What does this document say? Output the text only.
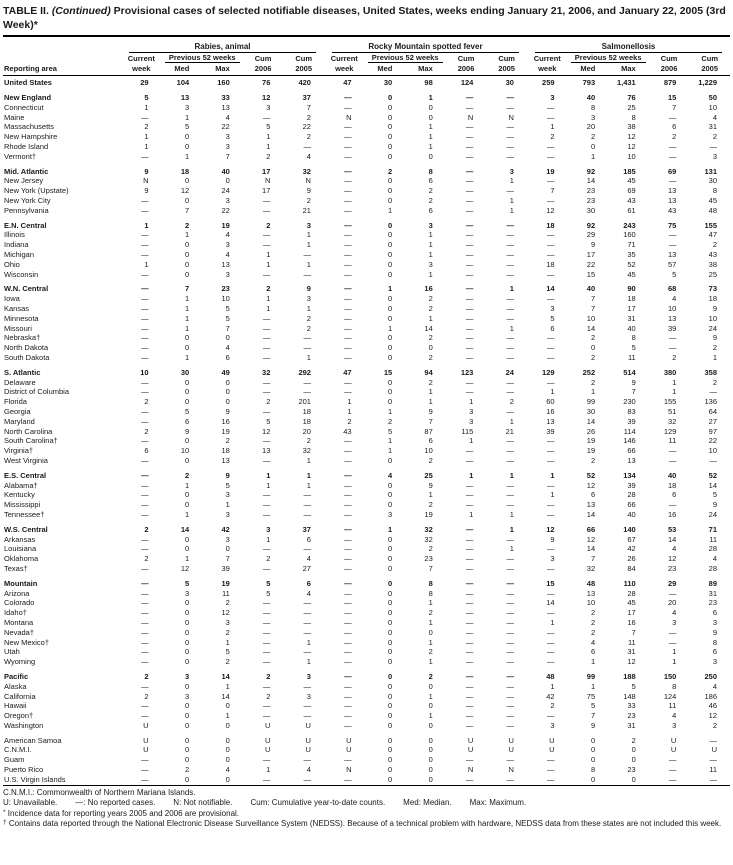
TABLE II. (Continued) Provisional cases of selected notifiable diseases, United States, weeks ending January 21, 2006, and January 22, 2005 (3rd Week)*

	Rabies, animal					Rocky Mountain spotted fever					Salmonellosis				

	Current	Previous 52 weeks		Cum	Cum	Current	Previous 52 weeks		Cum	Cum	Current	Previous 52 weeks		Cum	Cum
Reporting area	week	Med	Max	2006	2005	week	Med	Max	2006	2005	week	Med	Max	2006	2005
United States	29	104	160	76	420	47	30	98	124	30	259	793	1,431	879	1,229
New England	5	13	33	12	37	—	0	1	—	—	3	40	76	15	50
Connecticut	1	3	13	3	7	—	0	0	—	—	—	8	25	7	10
Maine	—	1	4	—	2	N	0	0	N	N	—	3	8	—	4
Massachusetts	2	5	22	5	22	—	0	1	—	—	1	20	38	6	31
New Hampshire	1	0	3	1	2	—	0	1	—	—	2	2	12	2	2
Rhode Island	1	0	3	1	—	—	0	1	—	—	—	0	12	—	—
Vermont†	—	1	7	2	4	—	0	0	—	—	—	1	10	—	3
Mid. Atlantic	9	18	40	17	32	—	2	8	—	3	19	92	185	69	131
New Jersey	N	0	0	N	N	—	0	6	—	1	—	14	45	—	30
New York (Upstate)	9	12	24	17	9	—	0	2	—	—	7	23	69	13	8
New York City	—	0	3	—	2	—	0	2	—	1	—	23	43	13	45
Pennsylvania	—	7	22	—	21	—	1	6	—	1	12	30	61	43	48
E.N. Central	1	2	19	2	3	—	0	3	—	—	18	92	243	75	155
Illinois	—	1	4	—	1	—	0	1	—	—	—	29	160	—	47
Indiana	—	0	3	—	1	—	0	1	—	—	—	9	71	—	2
Michigan	—	0	4	1	—	—	0	1	—	—	—	17	35	13	43
Ohio	1	0	13	1	1	—	0	3	—	—	18	22	52	57	38
Wisconsin	—	0	3	—	—	—	0	1	—	—	—	15	45	5	25
W.N. Central	—	7	23	2	9	—	1	16	—	1	14	40	90	68	73
Iowa	—	1	10	1	3	—	0	2	—	—	—	7	18	4	18
Kansas	—	1	5	1	1	—	0	2	—	—	3	7	17	10	9
Minnesota	—	1	5	—	2	—	0	1	—	—	5	10	31	13	10
Missouri	—	1	7	—	2	—	1	14	—	1	6	14	40	39	24
Nebraska†	—	0	0	—	—	—	0	2	—	—	—	2	8	—	9
North Dakota	—	0	4	—	—	—	0	0	—	—	—	0	5	—	2
South Dakota	—	1	6	—	1	—	0	2	—	—	—	2	11	2	1
S. Atlantic	10	30	49	32	292	47	15	94	123	24	129	252	514	380	358
Delaware	—	0	0	—	—	—	0	2	—	—	—	2	9	1	2
District of Columbia	—	0	0	—	—	—	0	1	—	—	1	1	7	1	—
Florida	2	0	0	2	201	1	0	1	1	2	60	99	230	155	136
Georgia	—	5	9	—	18	1	1	9	3	—	16	30	83	51	64
Maryland	—	6	16	5	18	2	2	7	3	1	13	14	39	32	27
North Carolina	2	9	19	12	20	43	5	87	115	21	39	26	114	129	97
South Carolina†	—	0	2	—	2	—	1	6	1	—	—	19	146	11	22
Virginia†	6	10	18	13	32	—	1	10	—	—	—	19	66	—	10
West Virginia	—	0	13	—	1	—	0	2	—	—	—	2	13	—	—
E.S. Central	—	2	9	1	1	—	4	25	1	1	1	52	134	40	52
Alabama†	—	1	5	1	1	—	0	9	—	—	—	12	39	18	14
Kentucky	—	0	3	—	—	—	0	1	—	—	1	6	28	6	5
Mississippi	—	0	1	—	—	—	0	2	—	—	—	13	66	—	9
Tennessee†	—	1	3	—	—	—	3	19	1	1	—	14	40	16	24
W.S. Central	2	14	42	3	37	—	1	32	—	1	12	66	140	53	71
Arkansas	—	0	3	1	6	—	0	32	—	—	9	12	67	14	11
Louisiana	—	0	0	—	—	—	0	2	—	1	—	14	42	4	28
Oklahoma	2	1	7	2	4	—	0	23	—	—	3	7	26	12	4
Texas†	—	12	39	—	27	—	0	7	—	—	—	32	84	23	28
Mountain	—	5	19	5	6	—	0	8	—	—	15	48	110	29	89
Arizona	—	3	11	5	4	—	0	8	—	—	—	13	28	—	31
Colorado	—	0	2	—	—	—	0	1	—	—	14	10	45	20	23
Idaho†	—	0	12	—	—	—	0	2	—	—	—	2	17	4	6
Montana	—	0	3	—	—	—	0	1	—	—	1	2	16	3	3
Nevada†	—	0	2	—	—	—	0	0	—	—	—	2	7	—	9
New Mexico†	—	0	1	—	1	—	0	1	—	—	—	4	11	—	8
Utah	—	0	5	—	—	—	0	2	—	—	—	6	31	1	6
Wyoming	—	0	2	—	1	—	0	1	—	—	—	1	12	1	3
Pacific	2	3	14	2	3	—	0	2	—	—	48	99	188	150	250
Alaska	—	0	1	—	—	—	0	0	—	—	1	1	5	8	4
California	2	3	14	2	3	—	0	1	—	—	42	75	148	124	186
Hawaii	—	0	0	—	—	—	0	0	—	—	2	5	33	11	46
Oregon†	—	0	1	—	—	—	0	1	—	—	—	7	23	4	12
Washington	U	0	0	U	U	—	0	0	—	—	3	9	31	3	2
American Samoa	U	0	0	U	U	U	0	0	U	U	U	0	2	U	—
C.N.M.I.	U	0	0	U	U	U	0	0	U	U	U	0	0	U	U
Guam	—	0	0	—	—	—	0	0	—	—	—	0	0	—	—
Puerto Rico	—	2	4	1	4	N	0	0	N	N	—	8	23	—	11
U.S. Virgin Islands	—	0	0	—	—	—	0	0	—	—	—	0	0	—	—
C.N.M.I.: Commonwealth of Northern Mariana Islands.
U: Unavailable. —: No reported cases. N: Not notifiable. Cum: Cumulative year-to-date counts. Med: Median. Max: Maximum.
* Incidence data for reporting years 2005 and 2006 are provisional.
† Contains data reported through the National Electronic Disease Surveillance System (NEDSS). Because of a technical problem with hardware, NEDSS data from these states are not included this week.
